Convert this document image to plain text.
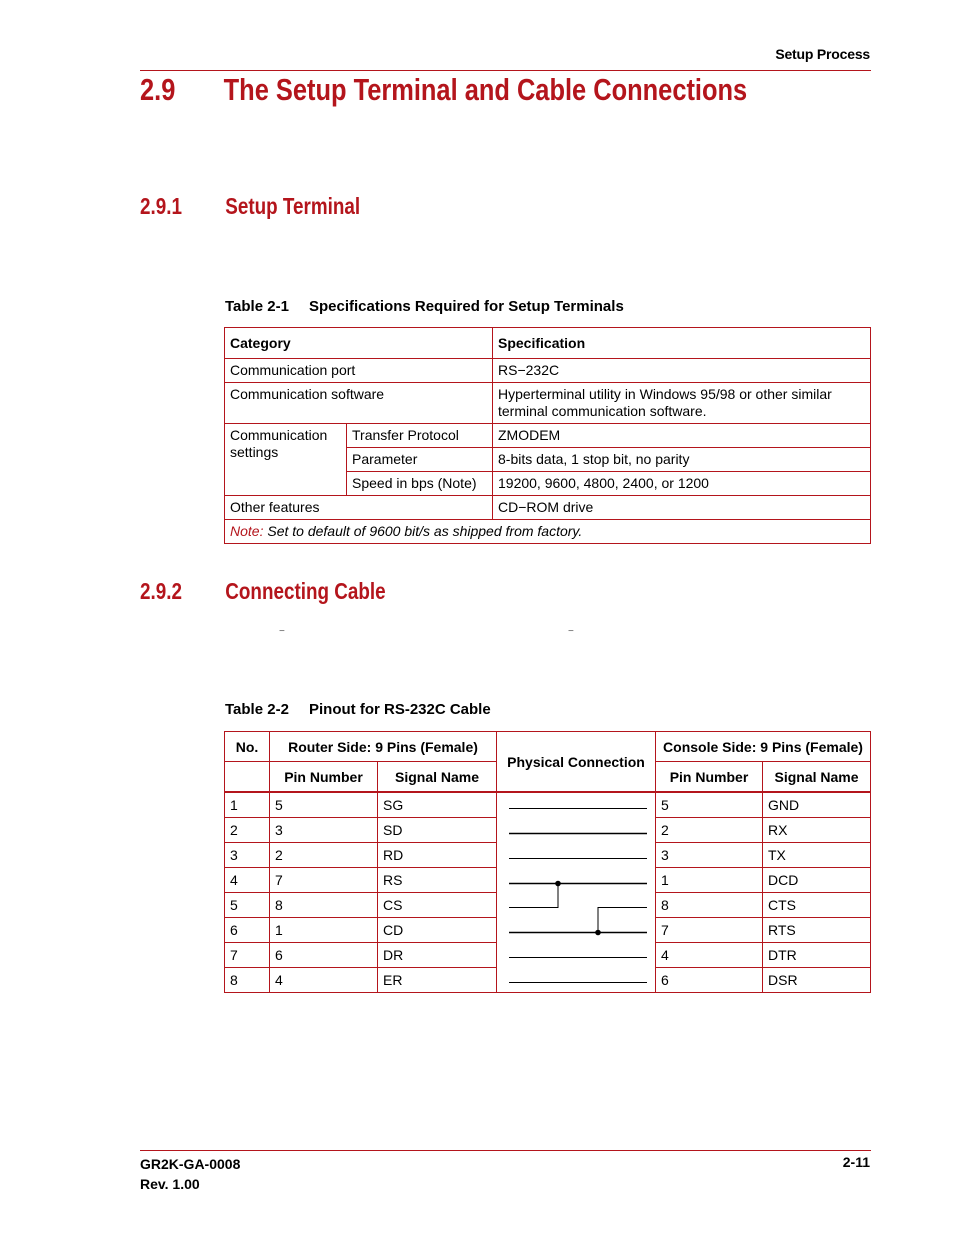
Setup Process
2.9 The Setup Terminal and Cable Connections
2.9.1 Setup Terminal
Table 2-1 Specifications Required for Setup Terminals
Category		Specification
Communication port		RS−232C
Communication software		Hyperterminal utility in Windows 95/98 or other similar terminal communication software.
Communication settings	Transfer Protocol	ZMODEM
	Parameter	8-bits data, 1 stop bit, no parity
	Speed in bps (Note)	19200, 9600, 4800, 2400, or 1200
Other features		CD−ROM drive
Note: Set to default of 9600 bit/s as shipped from factory.		
2.9.2 Connecting Cable
−	−
Table 2-2 Pinout for RS-232C Cable
No.	Router Side: 9 Pins (Female)		Physical Connection	Console Side: 9 Pins (Female)	
	Pin Number	Signal Name		Pin Number	Signal Name
1	5	SG		5	GND
2	3	SD		2	RX
3	2	RD		3	TX
4	7	RS		1	DCD
5	8	CS		8	CTS
6	1	CD		7	RTS
7	6	DR		4	DTR
8	4	ER		6	DSR
GR2K-GA-0008
Rev. 1.00
2-11
